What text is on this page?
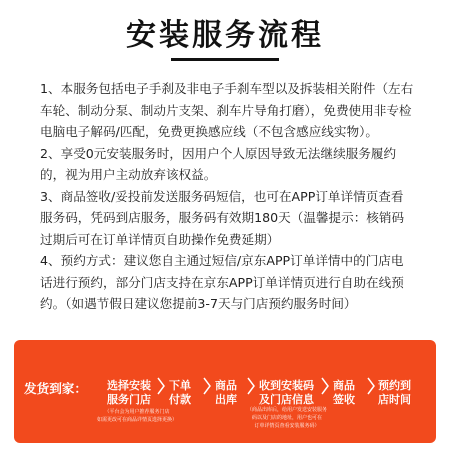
安装服务流程

1、本服务包括电子手刹及非电子手刹车型以及拆装相关附件（左右车轮、制动分泵、制动片支架、刹车片导角打磨），免费使用非专检电脑电子解码/匹配，免费更换感应线（不包含感应线实物）。

2、享受0元安装服务时，因用户个人原因导致无法继续服务履约的，视为用户主动放弃该权益。

3、商品签收/妥投前发送服务码短信，也可在APP订单详情页查看服务码，凭码到店服务，服务码有效期180天（温馨提示：核销码过期后可在订单详情页自助操作免费延期）

4、预约方式：建议您自主通过短信/京东APP订单详情中的门店电话进行预约，部分门店支持在京东APP订单详情页进行自助在线预约。（如遇节假日建议您提前3-7天与门店预约服务时间）

发货到家： 选择安装
服务门店
下单
付款
商品
出库
收到安装码
及门店信息
商品
签收
预约到
店时间
（平台会为用户推荐服务门店
如需更改可在商品详情页选择更换）
（商品出库后，给用户发送安装服务
码以及门店的地址，用户也可在
订单详情页查看安装服务码）
